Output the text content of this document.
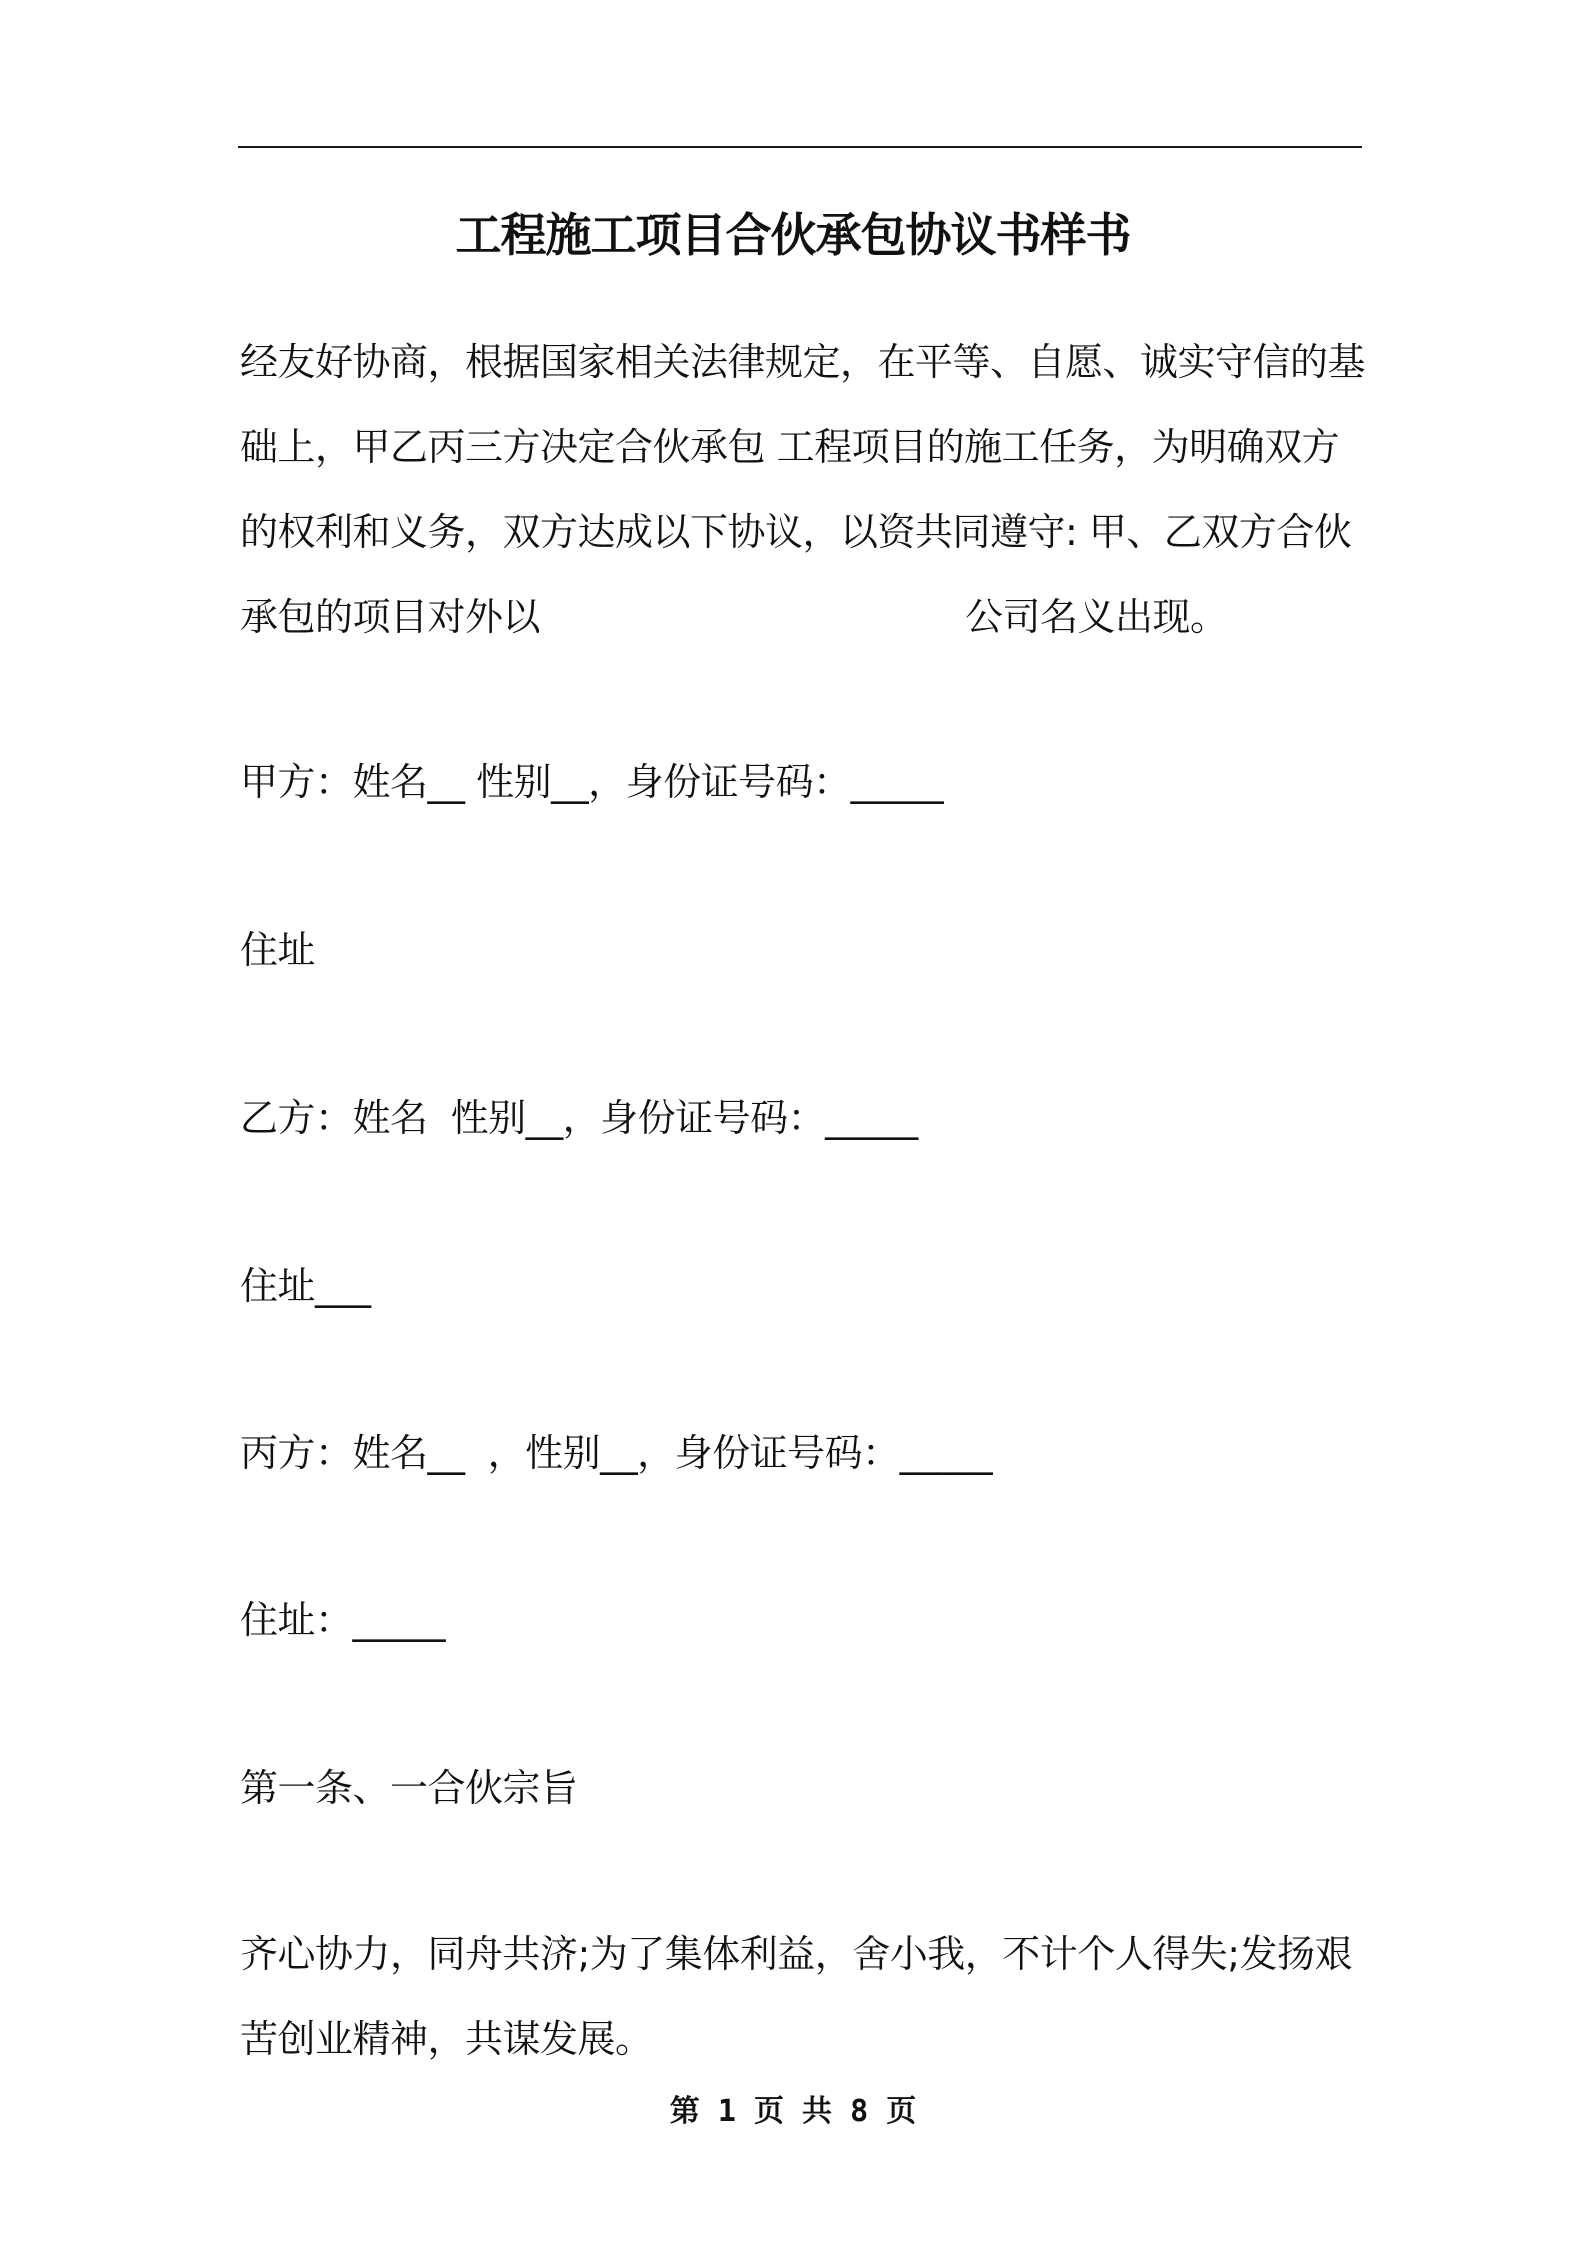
工程施工项目合伙承包协议书样书

经友好协商，根据国家相关法律规定，在平等、自愿、诚实守信的基础上，甲乙丙三方决定合伙承包 工程项目的施工任务，为明确双方的权利和义务，双方达成以下协议，以资共同遵守: 甲、乙双方合伙承包的项目对外以	公司名义出现。

甲方：姓名__ 性别__，身份证号码：_____

住址

乙方：姓名  性别__，身份证号码：_____

住址___

丙方：姓名__  ，性别__，身份证号码：_____

住址：_____

第一条、一合伙宗旨

齐心协力，同舟共济;为了集体利益，舍小我，不计个人得失;发扬艰苦创业精神，共谋发展。

第 1 页 共 8 页
